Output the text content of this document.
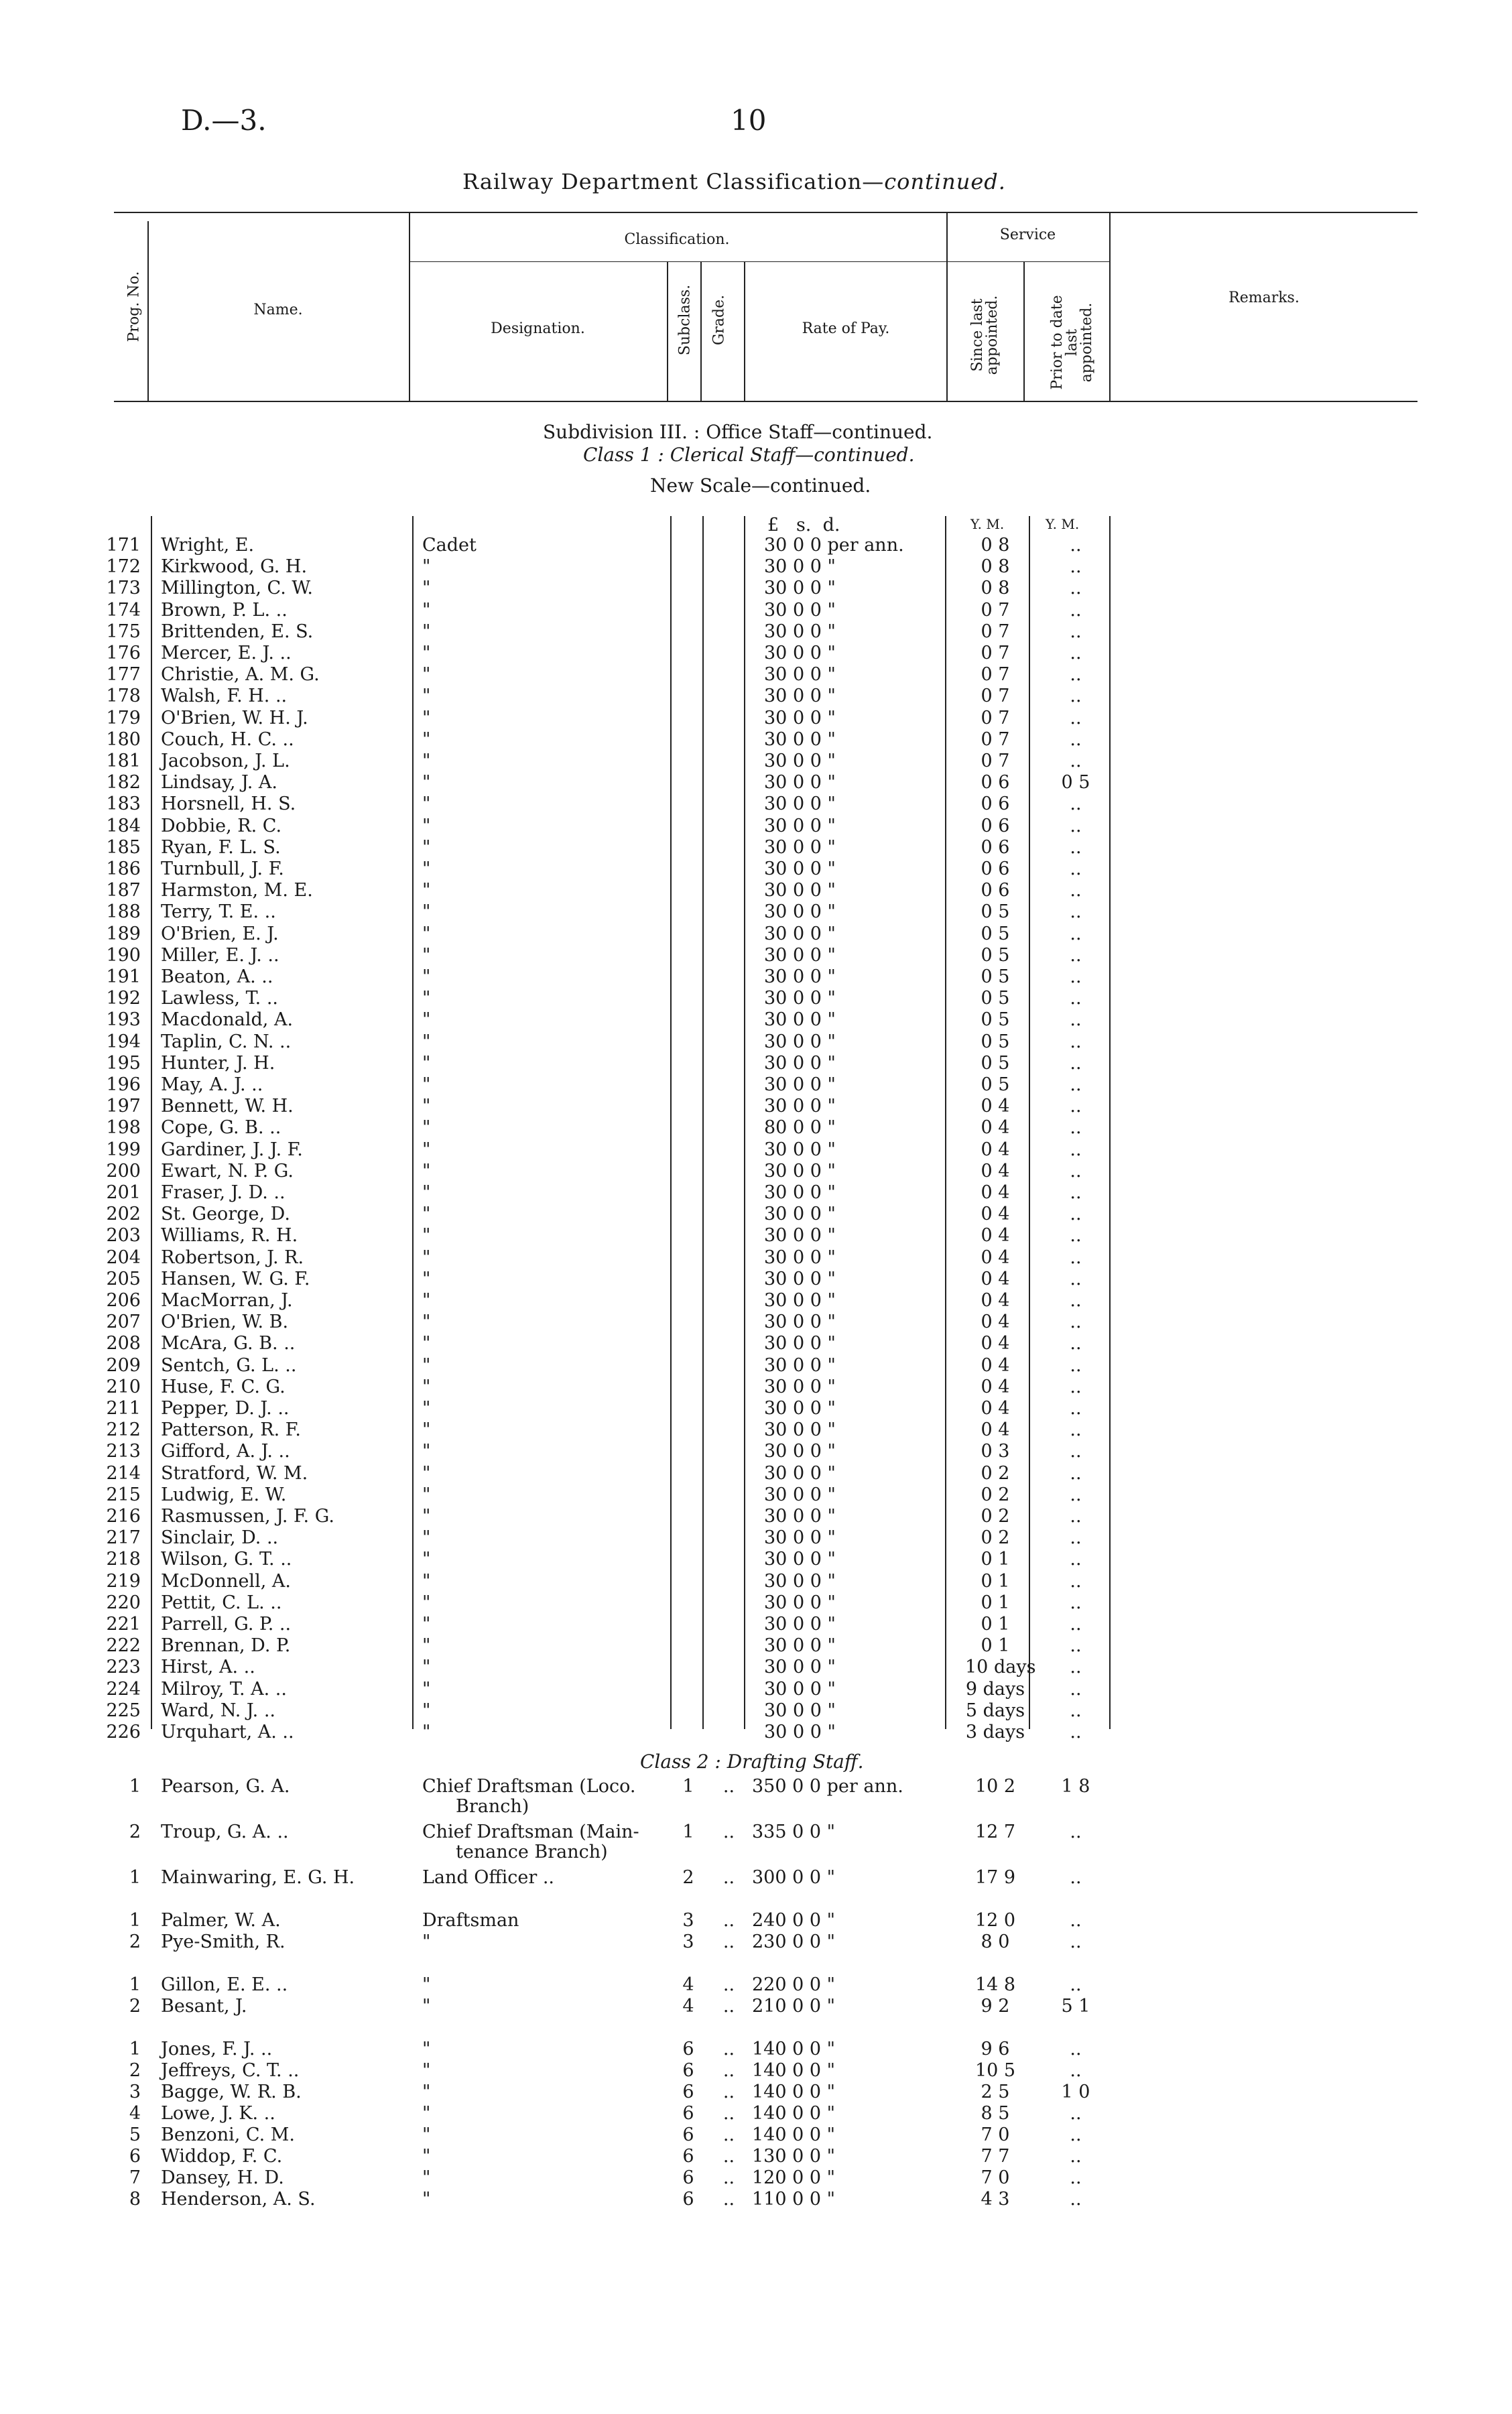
D.—3.	10
Railway Department Classification—continued.
Prog. No.	Name.
Classification.
Designation.	Subclass. Grade.	Rate of Pay.
Service
Since last appointed.	Prior to date last appointed.
Remarks.
Subdivision III. : Office Staff—continued.
Class 1 : Clerical Staff—continued.
New Scale—continued.
£ s. d.	Y. M.	Y. M.
171 Wright, E.	Cadet	30 0 0 per ann.	0 8	..
172 Kirkwood, G. H.	"	30 0 0 "	0 8	..
173 Millington, C. W.	"	30 0 0 "	0 8	..
174 Brown, P. L. ..	"	30 0 0 "	0 7	..
175 Brittenden, E. S.	"	30 0 0 "	0 7	..
176 Mercer, E. J. ..	"	30 0 0 "	0 7	..
177 Christie, A. M. G.	"	30 0 0 "	0 7	..
178 Walsh, F. H. ..	"	30 0 0 "	0 7	..
179 O'Brien, W. H. J.	"	30 0 0 "	0 7	..
180 Couch, H. C. ..	"	30 0 0 "	0 7	..
181 Jacobson, J. L.	"	30 0 0 "	0 7	..
182 Lindsay, J. A.	"	30 0 0 "	0 6	0 5
183 Horsnell, H. S.	"	30 0 0 "	0 6	..
184 Dobbie, R. C.	"	30 0 0 "	0 6	..
185 Ryan, F. L. S.	"	30 0 0 "	0 6	..
186 Turnbull, J. F.	"	30 0 0 "	0 6	..
187 Harmston, M. E.	"	30 0 0 "	0 6	..
188 Terry, T. E. ..	"	30 0 0 "	0 5	..
189 O'Brien, E. J.	"	30 0 0 "	0 5	..
190 Miller, E. J. ..	"	30 0 0 "	0 5	..
191 Beaton, A. ..	"	30 0 0 "	0 5	..
192 Lawless, T. ..	"	30 0 0 "	0 5	..
193 Macdonald, A.	"	30 0 0 "	0 5	..
194 Taplin, C. N. ..	"	30 0 0 "	0 5	..
195 Hunter, J. H.	"	30 0 0 "	0 5	..
196 May, A. J. ..	"	30 0 0 "	0 5	..
197 Bennett, W. H.	"	30 0 0 "	0 4	..
198 Cope, G. B. ..	"	80 0 0 "	0 4	..
199 Gardiner, J. J. F.	"	30 0 0 "	0 4	..
200 Ewart, N. P. G.	"	30 0 0 "	0 4	..
201 Fraser, J. D. ..	"	30 0 0 "	0 4	..
202 St. George, D.	"	30 0 0 "	0 4	..
203 Williams, R. H.	"	30 0 0 "	0 4	..
204 Robertson, J. R.	"	30 0 0 "	0 4	..
205 Hansen, W. G. F.	"	30 0 0 "	0 4	..
206 MacMorran, J.	"	30 0 0 "	0 4	..
207 O'Brien, W. B.	"	30 0 0 "	0 4	..
208 McAra, G. B. ..	"	30 0 0 "	0 4	..
209 Sentch, G. L. ..	"	30 0 0 "	0 4	..
210 Huse, F. C. G.	"	30 0 0 "	0 4	..
211 Pepper, D. J. ..	"	30 0 0 "	0 4	..
212 Patterson, R. F.	"	30 0 0 "	0 4	..
213 Gifford, A. J. ..	"	30 0 0 "	0 3	..
214 Stratford, W. M.	"	30 0 0 "	0 2	..
215 Ludwig, E. W.	"	30 0 0 "	0 2	..
216 Rasmussen, J. F. G.	"	30 0 0 "	0 2	..
217 Sinclair, D. ..	"	30 0 0 "	0 2	..
218 Wilson, G. T. ..	"	30 0 0 "	0 1	..
219 McDonnell, A.	"	30 0 0 "	0 1	..
220 Pettit, C. L. ..	"	30 0 0 "	0 1	..
221 Parrell, G. P. ..	"	30 0 0 "	0 1	..
222 Brennan, D. P.	"	30 0 0 "	0 1	..
223 Hirst, A. ..	"	30 0 0 "	10 days	..
224 Milroy, T. A. ..	"	30 0 0 "	9 days	..
225 Ward, N. J. ..	"	30 0 0 "	5 days	..
226 Urquhart, A. ..	"	30 0 0 "	3 days	..
Class 2 : Drafting Staff.
1 Pearson, G. A.	Chief Draftsman (Loco.
Branch)
1	.. 350 0 0 per ann.	10 2	1 8
2 Troup, G. A. ..	Chief Draftsman (Main-
tenance Branch)
1	.. 335 0 0 "	12 7	..
1 Mainwaring, E. G. H.	Land Officer ..	2	.. 300 0 0 "	17 9	..
1 Palmer, W. A.	Draftsman	3	.. 240 0 0 "	12 0	..
2 Pye-Smith, R.	"	3	.. 230 0 0 "	8 0	..
1 Gillon, E. E. ..	"	4	.. 220 0 0 "	14 8	..
2 Besant, J.	"	4	.. 210 0 0 "	9 2	5 1
1 Jones, F. J. ..	"	6	.. 140 0 0 "	9 6	..
2 Jeffreys, C. T. ..	"	6	.. 140 0 0 "	10 5	..
3 Bagge, W. R. B.	"	6	.. 140 0 0 "	2 5	1 0
4 Lowe, J. K. ..	"	6	.. 140 0 0 "	8 5	..
5 Benzoni, C. M.	"	6	.. 140 0 0 "	7 0	..
6 Widdop, F. C.	"	6	.. 130 0 0 "	7 7	..
7 Dansey, H. D.	"	6	.. 120 0 0 "	7 0	..
8 Henderson, A. S.	"	6	.. 110 0 0 "	4 3	..
